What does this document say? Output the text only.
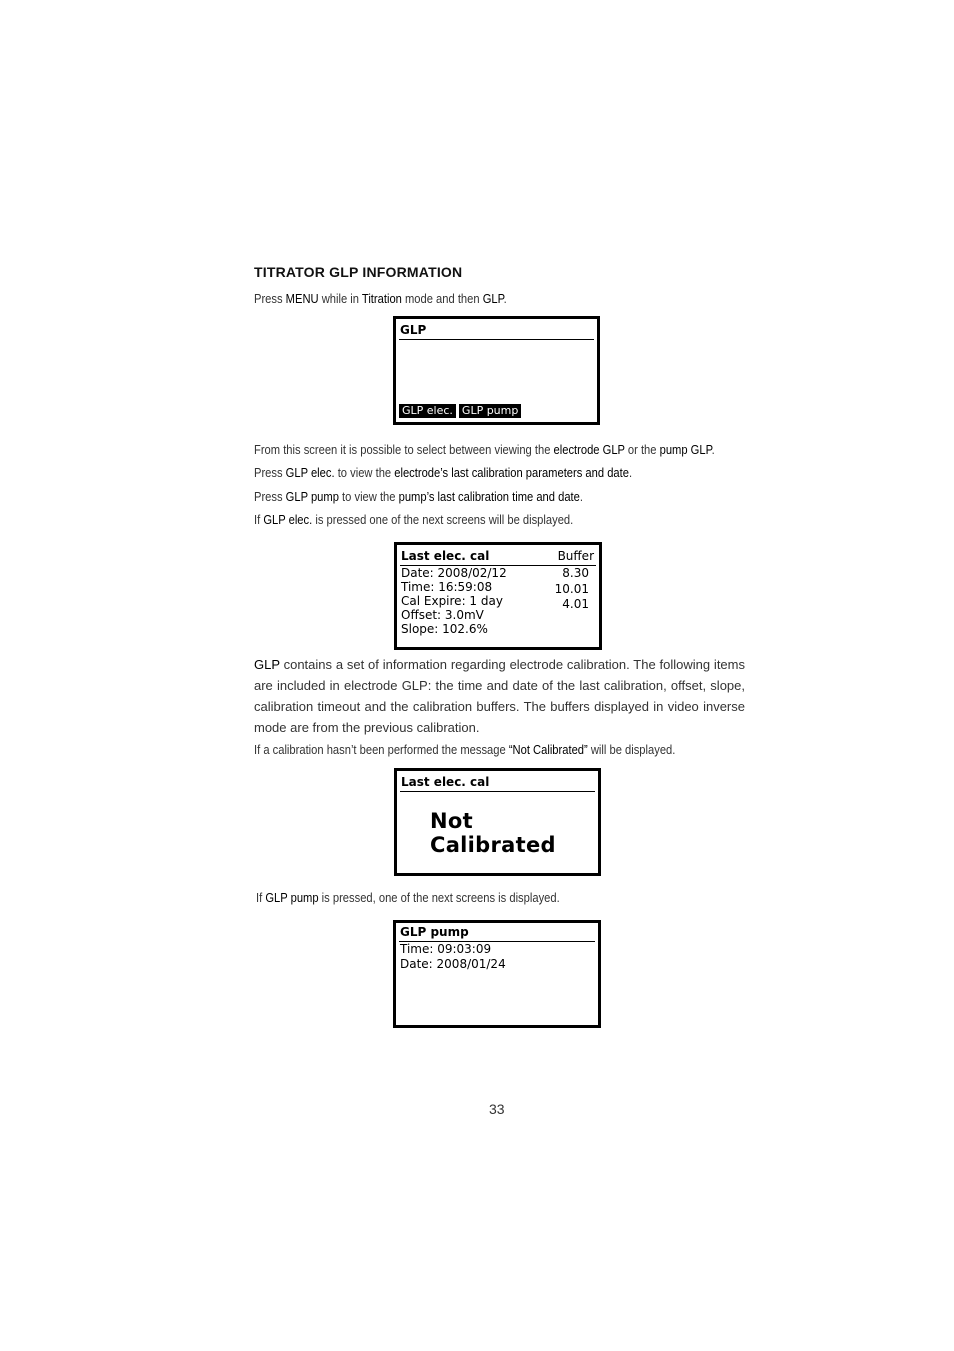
TITRATOR GLP INFORMATION
Press MENU while in Titration mode and then GLP.
GLP
GLP elec. GLP pump
From this screen it is possible to select between viewing the electrode GLP or the pump GLP.
Press GLP elec. to view the electrode’s last calibration parameters and date.
Press GLP pump to view the pump’s last calibration time and date.
If GLP elec. is pressed one of the next screens will be displayed.
Last elec. cal	Buffer
Date: 2008/02/12
Time: 16:59:08
Cal Expire: 1 day
Offset: 3.0mV
Slope: 102.6%
8.30
10.01
4.01
GLP contains a set of information regarding electrode calibration. The following items are included in electrode GLP: the time and date of the last calibration, offset, slope, calibration timeout and the calibration buffers. The buffers displayed in video inverse mode are from the previous calibration.
If a calibration hasn’t been performed the message “Not Calibrated” will be displayed.
Last elec. cal
Not Calibrated
If GLP pump is pressed, one of the next screens is displayed.
GLP pump
Time: 09:03:09
Date: 2008/01/24
33
